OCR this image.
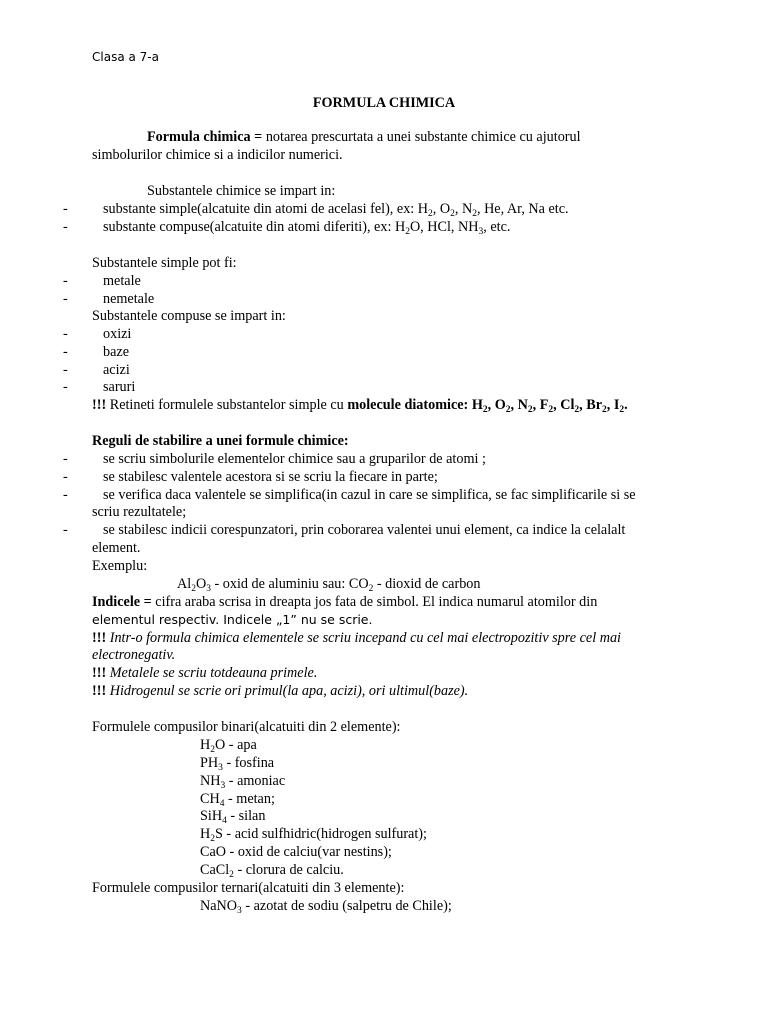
Clasa a 7-a
FORMULA CHIMICA
Formula chimica = notarea prescurtata a unei substante chimice cu ajutorul
simbolurilor chimice si a indicilor numerici.
Substantele chimice se impart in:
- substante simple(alcatuite din atomi de acelasi fel), ex: $H_2$, $O_2$, $N_2$, He, Ar, Na etc.
- substante compuse(alcatuite din atomi diferiti), ex: $H_2O$, HCl, $NH_3$, etc.
Substantele simple pot fi:
- metale
- nemetale
Substantele compuse se impart in:
- oxizi
- baze
- acizi
- saruri
!!! Retineti formulele substantelor simple cu molecule diatomice: $H_2$, $O_2$, $N_2$, $F_2$, $Cl_2$, $Br_2$, $I_2$.
Reguli de stabilire a unei formule chimice:
- se scriu simbolurile elementelor chimice sau a gruparilor de atomi ;
- se stabilesc valentele acestora si se scriu la fiecare in parte;
- se verifica daca valentele se simplifica(in cazul in care se simplifica, se fac simplificarile si se
scriu rezultatele;
- se stabilesc indicii corespunzatori, prin coborarea valentei unui element, ca indice la celalalt
element.
Exemplu:
$Al_2O_3$ - oxid de aluminiu sau: $CO_2$ - dioxid de carbon
Indicele = cifra araba scrisa in dreapta jos fata de simbol. El indica numarul atomilor din
elementul respectiv. Indicele „1” nu se scrie.
!!! Intr-o formula chimica elementele se scriu incepand cu cel mai electropozitiv spre cel mai
electronegativ.
!!! Metalele se scriu totdeauna primele.
!!! Hidrogenul se scrie ori primul(la apa, acizi), ori ultimul(baze).
Formulele compusilor binari(alcatuiti din 2 elemente):
$H_2O$ - apa
$PH_3$ - fosfina
$NH_3$ - amoniac
$CH_4$ - metan;
SiH$_4$ - silan
$H_2S$ - acid sulfhidric(hidrogen sulfurat);
CaO - oxid de calciu(var nestins);
CaCl$_2$ - clorura de calciu.
Formulele compusilor ternari(alcatuiti din 3 elemente):
NaNO$_3$ - azotat de sodiu (salpetru de Chile);
